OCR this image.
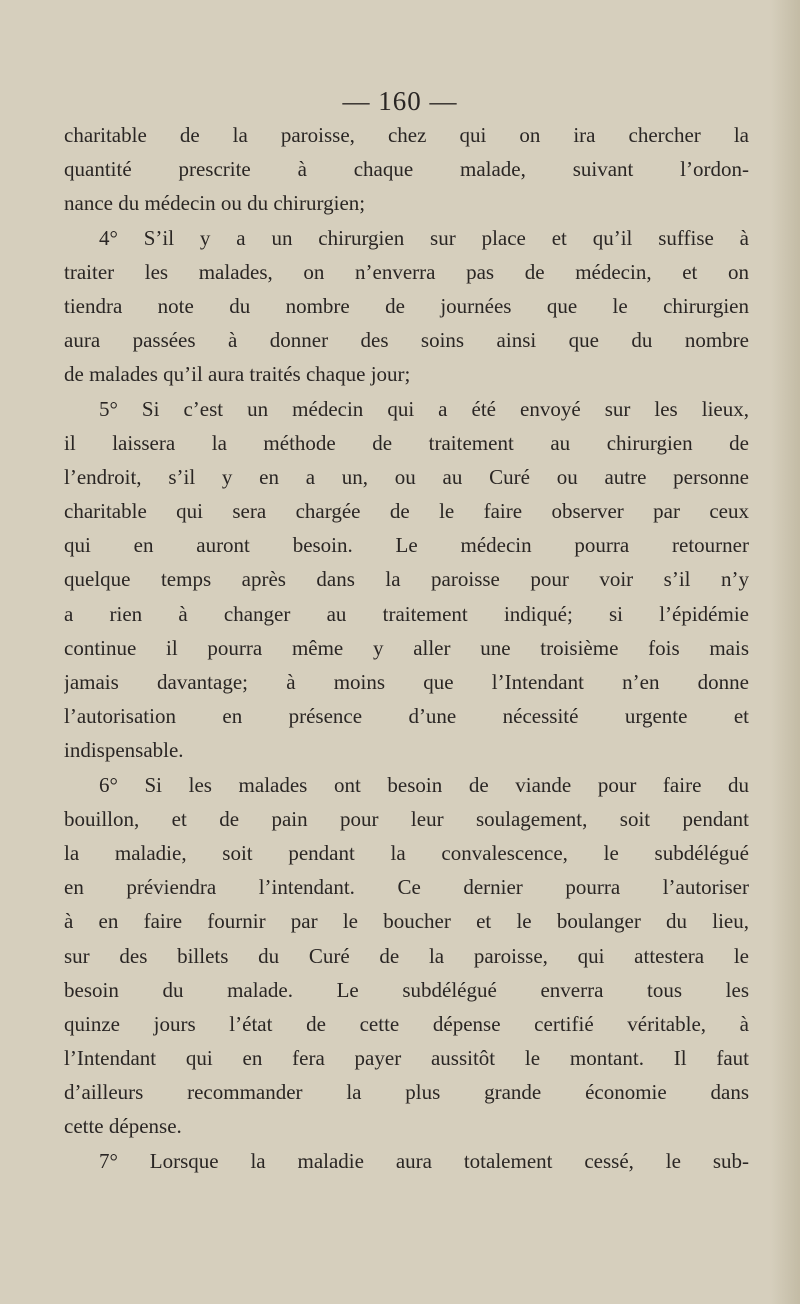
— 160 —
charitable de la paroisse, chez qui on ira chercher la
quantité prescrite à chaque malade, suivant l’ordon-
nance du médecin ou du chirurgien;
4° S’il y a un chirurgien sur place et qu’il suffise à
traiter les malades, on n’enverra pas de médecin, et on
tiendra note du nombre de journées que le chirurgien
aura passées à donner des soins ainsi que du nombre
de malades qu’il aura traités chaque jour;
5° Si c’est un médecin qui a été envoyé sur les lieux,
il laissera la méthode de traitement au chirurgien de
l’endroit, s’il y en a un, ou au Curé ou autre personne
charitable qui sera chargée de le faire observer par ceux
qui en auront besoin. Le médecin pourra retourner
quelque temps après dans la paroisse pour voir s’il n’y
a rien à changer au traitement indiqué; si l’épidémie
continue il pourra même y aller une troisième fois mais
jamais davantage; à moins que l’Intendant n’en donne
l’autorisation en présence d’une nécessité urgente et
indispensable.
6° Si les malades ont besoin de viande pour faire du
bouillon, et de pain pour leur soulagement, soit pendant
la maladie, soit pendant la convalescence, le subdélégué
en préviendra l’intendant. Ce dernier pourra l’autoriser
à en faire fournir par le boucher et le boulanger du lieu,
sur des billets du Curé de la paroisse, qui attestera le
besoin du malade. Le subdélégué enverra tous les
quinze jours l’état de cette dépense certifié véritable, à
l’Intendant qui en fera payer aussitôt le montant. Il faut
d’ailleurs recommander la plus grande économie dans
cette dépense.
7° Lorsque la maladie aura totalement cessé, le sub-
